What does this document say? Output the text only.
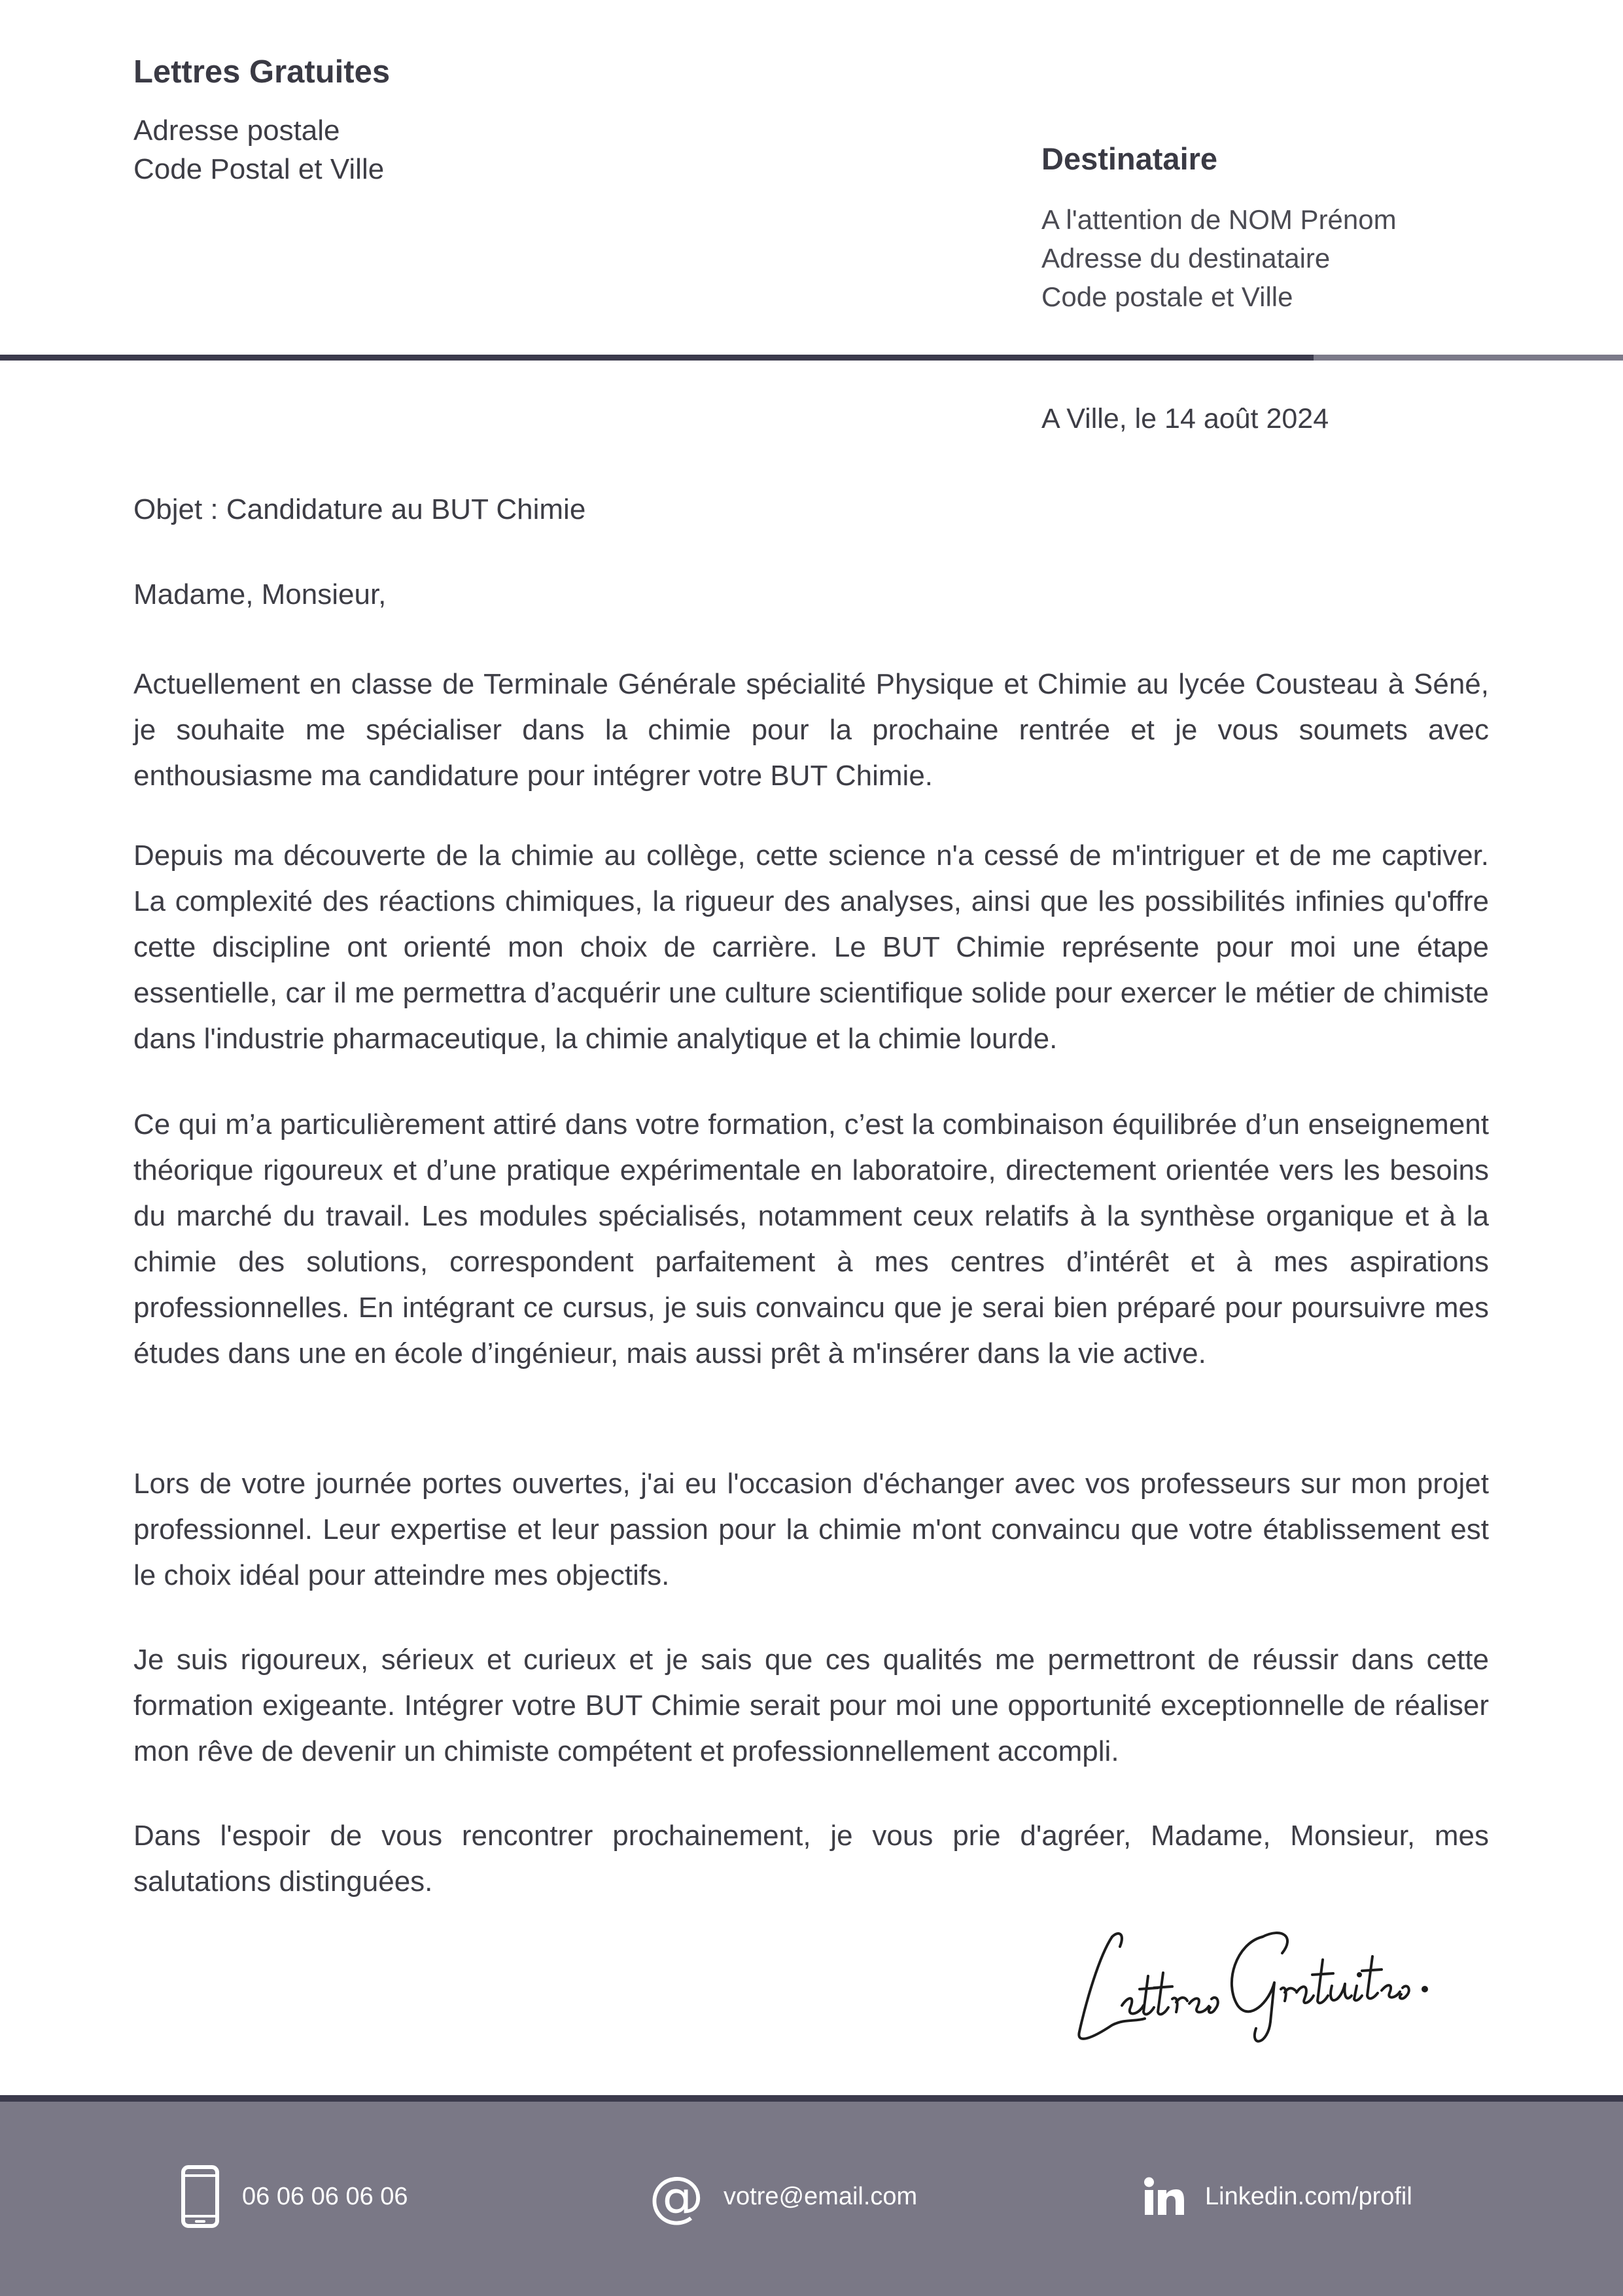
Lettres Gratuites
Adresse postale
Code Postal et Ville	Destinataire
A l'attention de NOM Prénom
Adresse du destinataire
Code postale et Ville
A Ville, le 14 août 2024
Objet : Candidature au BUT Chimie
Madame, Monsieur,

Actuellement en classe de Terminale Générale spécialité Physique et Chimie au lycée Cousteau à Séné, je souhaite me spécialiser dans la chimie pour la prochaine rentrée et je vous soumets avec enthousiasme ma candidature pour intégrer votre BUT Chimie.

Depuis ma découverte de la chimie au collège, cette science n'a cessé de m'intriguer et de me captiver. La complexité des réactions chimiques, la rigueur des analyses, ainsi que les possibilités infinies qu'offre cette discipline ont orienté mon choix de carrière. Le BUT Chimie représente pour moi une étape essentielle, car il me permettra d’acquérir une culture scientifique solide pour exercer le métier de chimiste dans l'industrie pharmaceutique, la chimie analytique et la chimie lourde.

Ce qui m’a particulièrement attiré dans votre formation, c’est la combinaison équilibrée d’un enseignement théorique rigoureux et d’une pratique expérimentale en laboratoire, directement orientée vers les besoins du marché du travail. Les modules spécialisés, notamment ceux relatifs à la synthèse organique et à la chimie des solutions, correspondent parfaitement à mes centres d’intérêt et à mes aspirations professionnelles. En intégrant ce cursus, je suis convaincu que je serai bien préparé pour poursuivre mes études dans une en école d’ingénieur, mais aussi prêt à m'insérer dans la vie active.

Lors de votre journée portes ouvertes, j'ai eu l'occasion d'échanger avec vos professeurs sur mon projet professionnel. Leur expertise et leur passion pour la chimie m'ont convaincu que votre établissement est le choix idéal pour atteindre mes objectifs.

Je suis rigoureux, sérieux et curieux et je sais que ces qualités me permettront de réussir dans cette formation exigeante. Intégrer votre BUT Chimie serait pour moi une opportunité exceptionnelle de réaliser mon rêve de devenir un chimiste compétent et professionnellement accompli.

Dans l'espoir de vous rencontrer prochainement, je vous prie d'agréer, Madame, Monsieur, mes salutations distinguées.

06 06 06 06 06	@ votre@email.com	Linkedin.com/profil
